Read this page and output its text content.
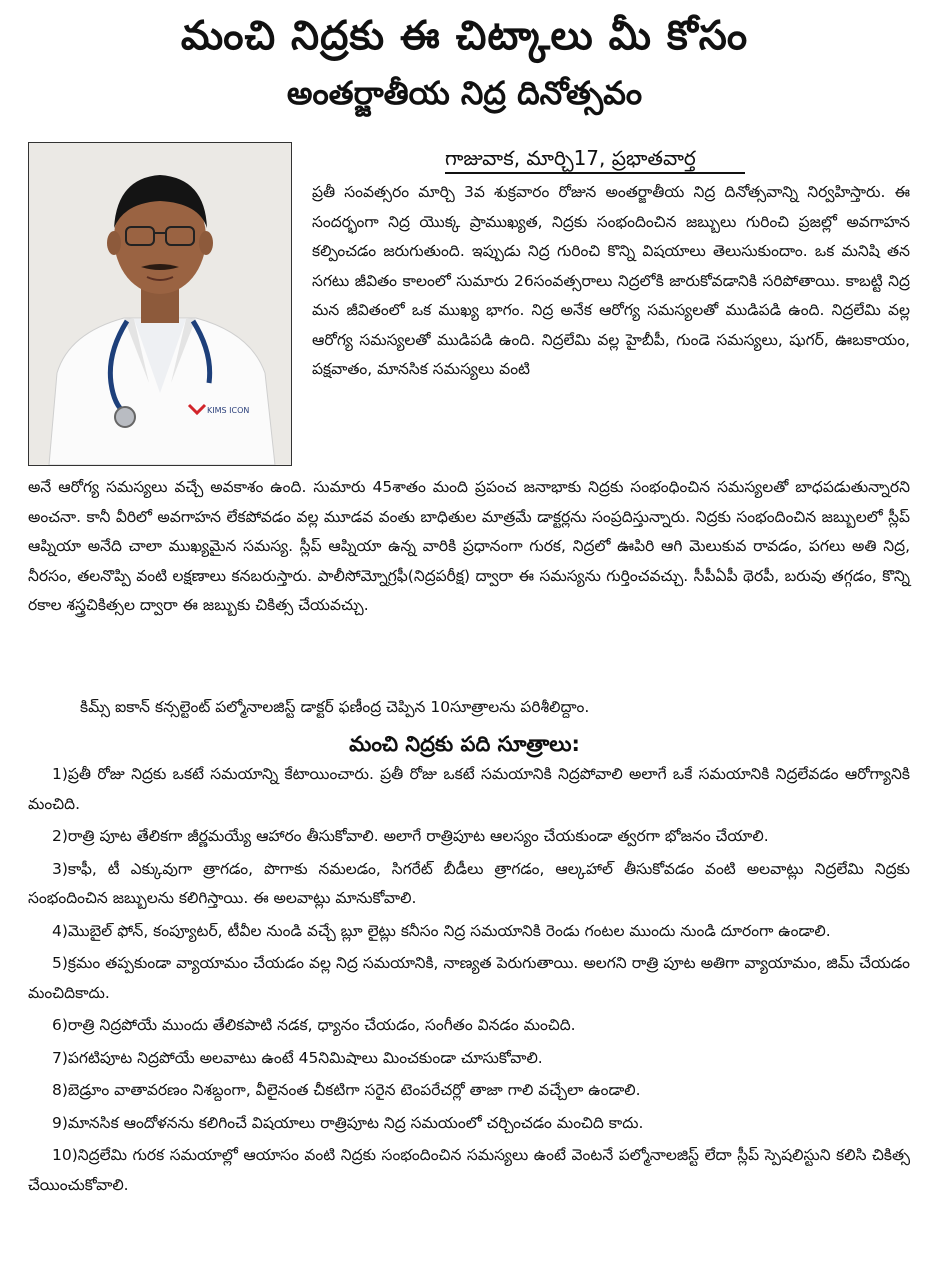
మంచి నిద్రకు ఈ చిట్కాలు మీ కోసం
అంతర్జాతీయ నిద్ర దినోత్సవం
KIMS ICON
గాజువాక, మార్చి17, ప్రభాతవార్త
ప్రతీ సంవత్సరం మార్చి 3వ శుక్రవారం రోజున అంతర్జాతీయ నిద్ర దినోత్సవాన్ని నిర్వహిస్తారు. ఈ సందర్భంగా నిద్ర యొక్క ప్రాముఖ్యత, నిద్రకు సంభందించిన జబ్బులు గురించి ప్రజల్లో అవగాహన కల్పించడం జరుగుతుంది. ఇప్పుడు నిద్ర గురించి కొన్ని విషయాలు తెలుసుకుందాం. ఒక మనిషి తన సగటు జీవితం కాలంలో సుమారు 26సంవత్సరాలు నిద్రలోకి జారుకోవడానికి సరిపోతాయి. కాబట్టి నిద్ర మన జీవితంలో ఒక ముఖ్య భాగం. నిద్ర అనేక ఆరోగ్య సమస్యలతో ముడిపడి ఉంది. నిద్రలేమి వల్ల ఆరోగ్య సమస్యలతో ముడిపడి ఉంది. నిద్రలేమి వల్ల హైబీపీ, గుండె సమస్యలు, షుగర్, ఊబకాయం, పక్షవాతం, మానసిక సమస్యలు వంటి
అనే ఆరోగ్య సమస్యలు వచ్చే అవకాశం ఉంది. సుమారు 45శాతం మంది ప్రపంచ జనాభాకు నిద్రకు సంభంధించిన సమస్యలతో బాధపడుతున్నారని అంచనా. కానీ వీరిలో అవగాహన లేకపోవడం వల్ల మూడవ వంతు బాధితుల మాత్రమే డాక్టర్లను సంప్రదిస్తున్నారు. నిద్రకు సంభందించిన జబ్బులలో స్లీప్ ఆప్నియా అనేది చాలా ముఖ్యమైన సమస్య. స్లీప్ ఆప్నియా ఉన్న వారికి ప్రధానంగా గురక, నిద్రలో ఊపిరి ఆగి మెలుకువ రావడం, పగలు అతి నిద్ర, నీరసం, తలనొప్పి వంటి లక్షణాలు కనబరుస్తారు. పాలీసోమ్నోగ్రఫీ(నిద్రపరీక్ష) ద్వారా ఈ సమస్యను గుర్తించవచ్చు. సీపీఏపీ థెరపీ, బరువు తగ్గడం, కొన్ని రకాల శస్త్రచికిత్సల ద్వారా ఈ జబ్బుకు చికిత్స చేయవచ్చు.

కిమ్స్ ఐకాన్ కన్సల్టెంట్ పల్మోనాలజిస్ట్ డాక్టర్ ఫణీంద్ర చెప్పిన 10సూత్రాలను పరిశీలిద్దాం.

మంచి నిద్రకు పది సూత్రాలు:

1)ప్రతీ రోజు నిద్రకు ఒకటే సమయాన్ని కేటాయించారు. ప్రతీ రోజు ఒకటే సమయానికి నిద్రపోవాలి అలాగే ఒకే సమయానికి నిద్రలేవడం ఆరోగ్యానికి మంచిది.

2)రాత్రి పూట తేలికగా జీర్ణమయ్యే ఆహారం తీసుకోవాలి. అలాగే రాత్రిపూట ఆలస్యం చేయకుండా త్వరగా భోజనం చేయాలి.

3)కాఫీ, టీ ఎక్కువుగా త్రాగడం, పొగాకు నమలడం, సిగరేట్ బీడీలు త్రాగడం, ఆల్కహాల్ తీసుకోవడం వంటి అలవాట్లు నిద్రలేమి నిద్రకు సంభందించిన జబ్బులను కలిగిస్తాయి. ఈ అలవాట్లు మానుకోవాలి.

4)మొబైల్ ఫోన్, కంప్యూటర్, టీవీల నుండి వచ్చే బ్లూ లైట్లు కనీసం నిద్ర సమయానికి రెండు గంటల ముందు నుండి దూరంగా ఉండాలి.

5)క్రమం తప్పకుండా వ్యాయామం చేయడం వల్ల నిద్ర సమయానికి, నాణ్యత పెరుగుతాయి. అలగని రాత్రి పూట అతిగా వ్యాయామం, జిమ్ చేయడం మంచిదికాదు.

6)రాత్రి నిద్రపోయే ముందు తేలికపాటి నడక, ధ్యానం చేయడం, సంగీతం వినడం మంచిది.

7)పగటిపూట నిద్రపోయే అలవాటు ఉంటే 45నిమిషాలు మించకుండా చూసుకోవాలి.

8)బెడ్రూం వాతావరణం నిశబ్దంగా, వీలైనంత చీకటిగా సరైన టెంపరేచర్లో తాజా గాలి వచ్చేలా ఉండాలి.

9)మానసిక ఆందోళనను కలిగించే విషయాలు రాత్రిపూట నిద్ర సమయంలో చర్చించడం మంచిది కాదు.

10)నిద్రలేమి గురక సమయాల్లో ఆయాసం వంటి నిద్రకు సంభందించిన సమస్యలు ఉంటే వెంటనే పల్మోనాలజిస్ట్ లేదా స్లీప్ స్పెషలిస్టుని కలిసి చికిత్స చేయించుకోవాలి.
